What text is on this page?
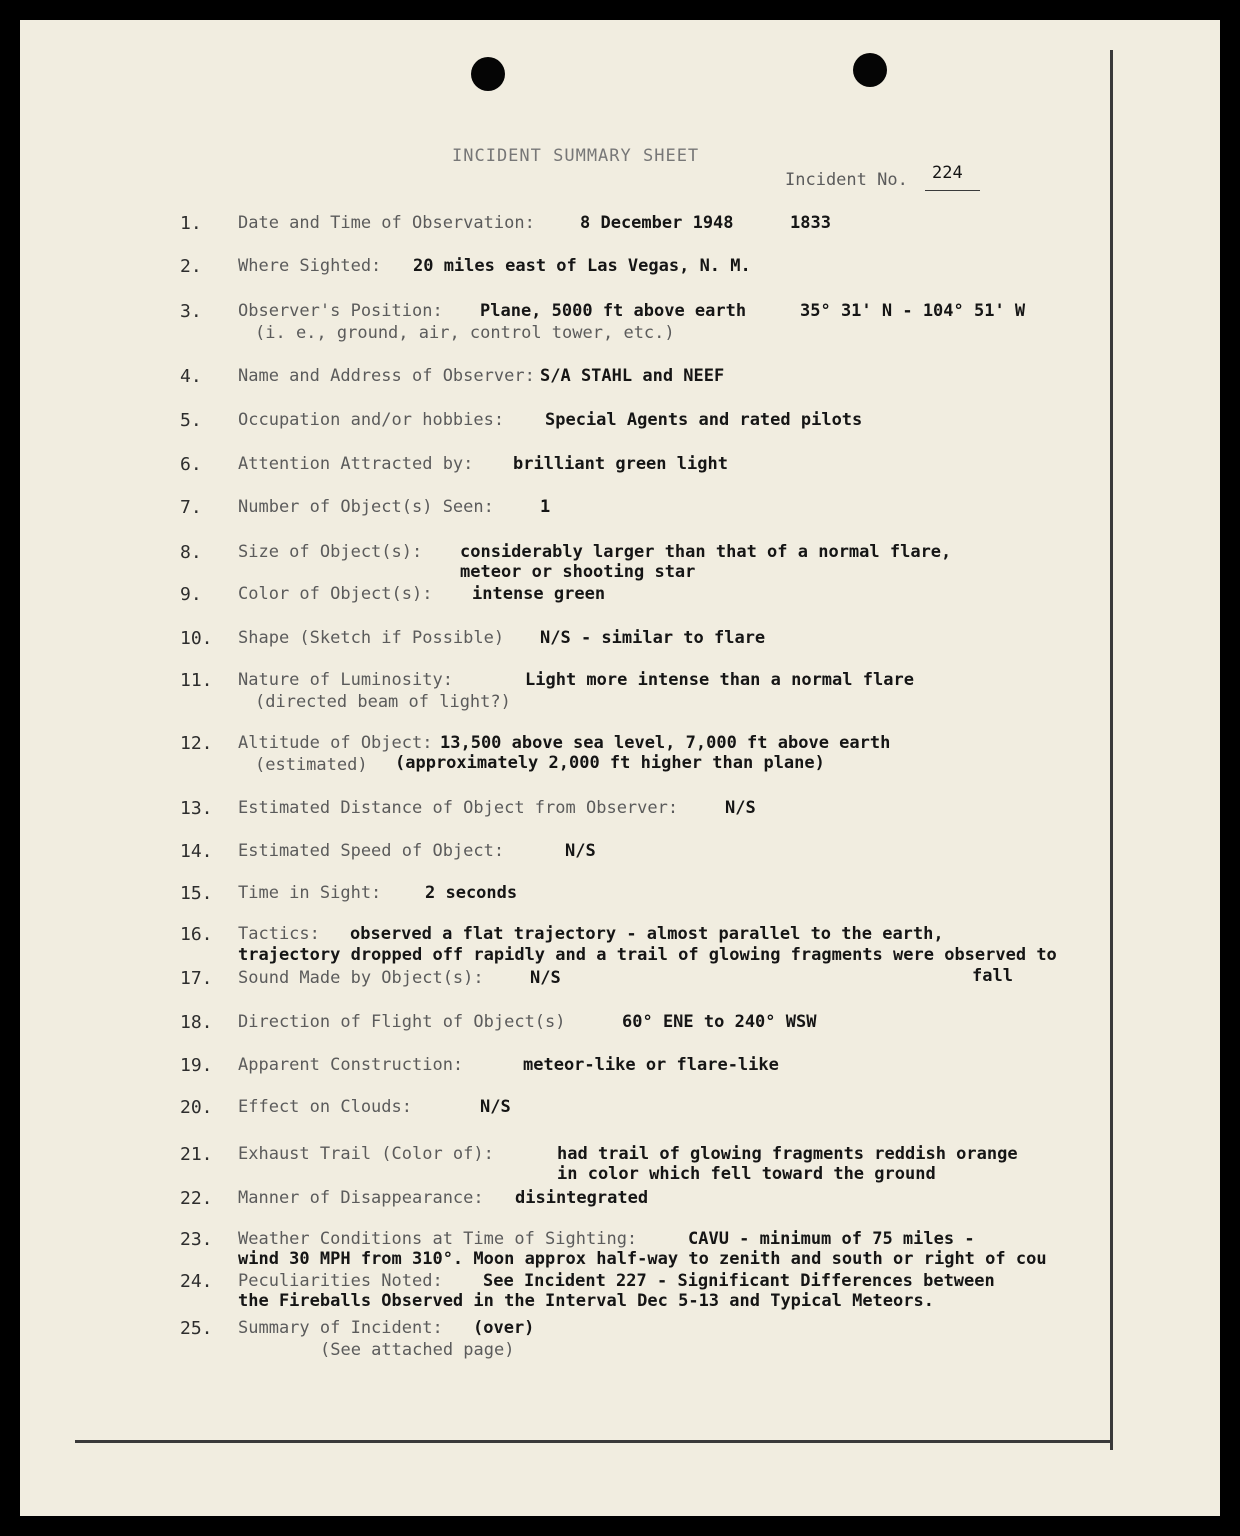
INCIDENT SUMMARY SHEET
Incident No. 224
1. Date and Time of Observation:	8 December 1948	1833
2. Where Sighted: 20 miles east of Las Vegas, N. M.
3. Observer's Position: Plane, 5000 ft above earth	35° 31' N - 104° 51' W
(i. e., ground, air, control tower, etc.)
4. Name and Address of Observer: S/A STAHL and NEEF
5. Occupation and/or hobbies: Special Agents and rated pilots
6. Attention Attracted by: brilliant green light
7. Number of Object(s) Seen:	1
8. Size of Object(s): considerably larger than that of a normal flare,
meteor or shooting star
9. Color of Object(s): intense green
10. Shape (Sketch if Possible) N/S - similar to flare
11. Nature of Luminosity:	Light more intense than a normal flare
(directed beam of light?)
12. Altitude of Object: 13,500 above sea level, 7,000 ft above earth
(estimated) (approximately 2,000 ft higher than plane)
13. Estimated Distance of Object from Observer:	N/S
14. Estimated Speed of Object:	N/S
15. Time in Sight:	2 seconds
16. Tactics: observed a flat trajectory - almost parallel to the earth,
trajectory dropped off rapidly and a trail of glowing fragments were observed to
fall
17. Sound Made by Object(s):	N/S
18. Direction of Flight of Object(s)	60° ENE to 240° WSW
19. Apparent Construction:	meteor-like or flare-like
20. Effect on Clouds:	N/S
21. Exhaust Trail (Color of):	had trail of glowing fragments reddish orange
in color which fell toward the ground
22. Manner of Disappearance: disintegrated
23. Weather Conditions at Time of Sighting:	CAVU - minimum of 75 miles -
wind 30 MPH from 310°. Moon approx half-way to zenith and south or right of cou
24. Peculiarities Noted: See Incident 227 - Significant Differences between
the Fireballs Observed in the Interval Dec 5-13 and Typical Meteors.
25. Summary of Incident: (over)
(See attached page)
